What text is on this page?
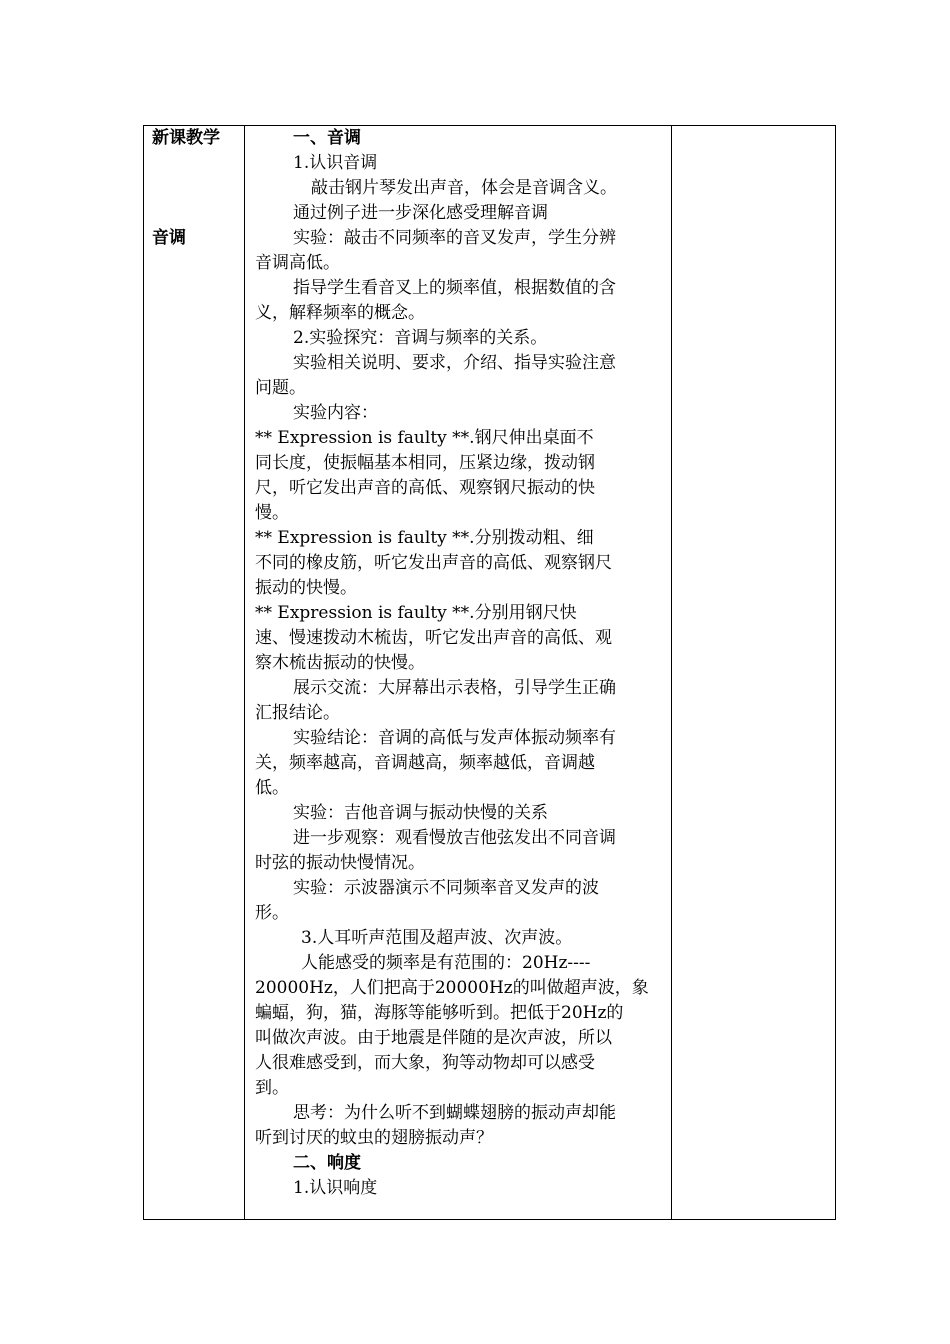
新课教学
音调
一、音调
1.认识音调
敲击钢片琴发出声音，体会是音调含义。
通过例子进一步深化感受理解音调
实验：敲击不同频率的音叉发声，学生分辨
音调高低。
指导学生看音叉上的频率值，根据数值的含
义，解释频率的概念。
2.实验探究：音调与频率的关系。
实验相关说明、要求，介绍、指导实验注意
问题。
实验内容：
** Expression is faulty **.钢尺伸出桌面不
同长度，使振幅基本相同，压紧边缘，拨动钢
尺，听它发出声音的高低、观察钢尺振动的快
慢。
** Expression is faulty **.分别拨动粗、细
不同的橡皮筋，听它发出声音的高低、观察钢尺
振动的快慢。
** Expression is faulty **.分别用钢尺快
速、慢速拨动木梳齿，听它发出声音的高低、观
察木梳齿振动的快慢。
展示交流：大屏幕出示表格，引导学生正确
汇报结论。
实验结论：音调的高低与发声体振动频率有
关，频率越高，音调越高，频率越低，音调越
低。
实验：吉他音调与振动快慢的关系
进一步观察：观看慢放吉他弦发出不同音调
时弦的振动快慢情况。
实验：示波器演示不同频率音叉发声的波
形。
3.人耳听声范围及超声波、次声波。
人能感受的频率是有范围的：20Hz----
20000Hz，人们把高于20000Hz的叫做超声波，象
蝙蝠，狗，猫，海豚等能够听到。把低于20Hz的
叫做次声波。由于地震是伴随的是次声波，所以
人很难感受到，而大象，狗等动物却可以感受
到。
思考：为什么听不到蝴蝶翅膀的振动声却能
听到讨厌的蚊虫的翅膀振动声？
二、响度
1.认识响度
